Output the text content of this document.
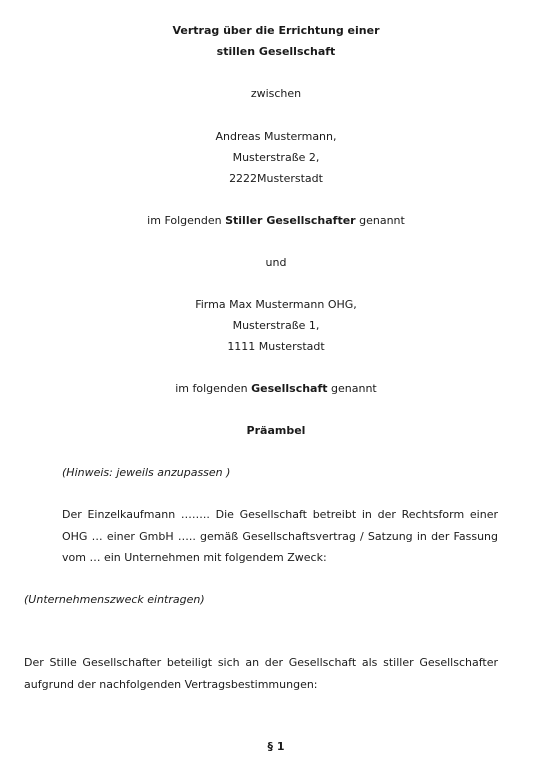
Vertrag über die Errichtung einer
stillen Gesellschaft
zwischen
Andreas Mustermann,
Musterstraße 2,
2222Musterstadt
im Folgenden Stiller Gesellschafter genannt
und
Firma Max Mustermann OHG,
Musterstraße 1,
1111 Musterstadt
im folgenden Gesellschaft genannt
Präambel
(Hinweis: jeweils anzupassen )
Der Einzelkaufmann …….. Die Gesellschaft betreibt in der Rechtsform einer
OHG … einer GmbH ….. gemäß Gesellschaftsvertrag / Satzung in der Fassung
vom … ein Unternehmen mit folgendem Zweck:
(Unternehmenszweck eintragen)
Der Stille Gesellschafter beteiligt sich an der Gesellschaft als stiller Gesellschafter
aufgrund der nachfolgenden Vertragsbestimmungen:
§ 1
